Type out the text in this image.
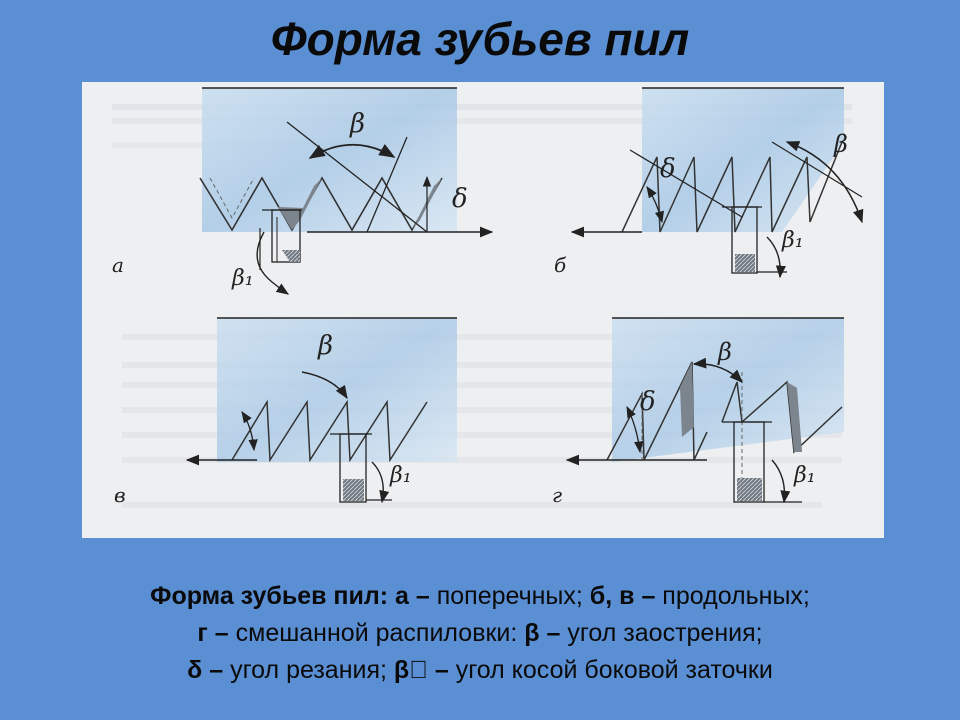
Форма зубьев пил
а
β
δ
β₁
б
δ
β
β₁
в
β
β₁
г
δ
β
β₁
Форма зубьев пил: а – поперечных; б, в – продольных;
г – смешанной распиловки: β – угол заострения;
δ – угол резания; β⃞ – угол косой боковой заточки
